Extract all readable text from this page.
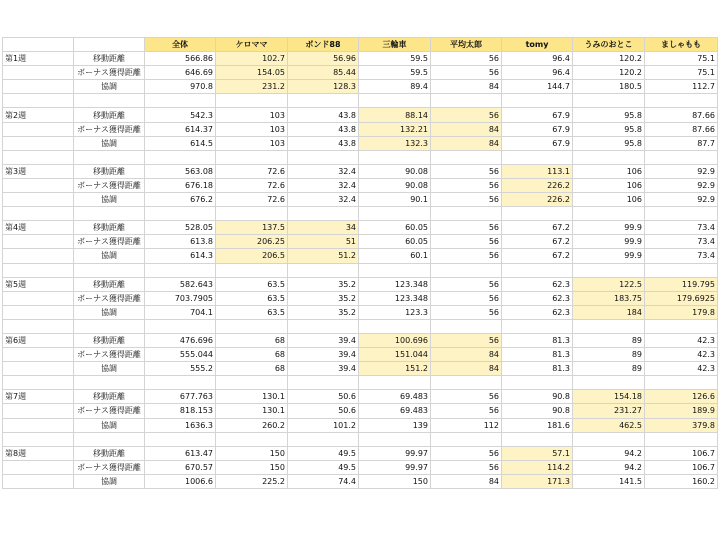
		全体	ケロママ	ボンド88	三輪車	平均太郎	tomy	うみのおとこ	ましゃもも
第1週	移動距離	566.86	102.7	56.96	59.5	56	96.4	120.2	75.1
	ボーナス獲得距離	646.69	154.05	85.44	59.5	56	96.4	120.2	75.1
	協調	970.8	231.2	128.3	89.4	84	144.7	180.5	112.7

第2週	移動距離	542.3	103	43.8	88.14	56	67.9	95.8	87.66
	ボーナス獲得距離	614.37	103	43.8	132.21	84	67.9	95.8	87.66
	協調	614.5	103	43.8	132.3	84	67.9	95.8	87.7

第3週	移動距離	563.08	72.6	32.4	90.08	56	113.1	106	92.9
	ボーナス獲得距離	676.18	72.6	32.4	90.08	56	226.2	106	92.9
	協調	676.2	72.6	32.4	90.1	56	226.2	106	92.9

第4週	移動距離	528.05	137.5	34	60.05	56	67.2	99.9	73.4
	ボーナス獲得距離	613.8	206.25	51	60.05	56	67.2	99.9	73.4
	協調	614.3	206.5	51.2	60.1	56	67.2	99.9	73.4

第5週	移動距離	582.643	63.5	35.2	123.348	56	62.3	122.5	119.795
	ボーナス獲得距離	703.7905	63.5	35.2	123.348	56	62.3	183.75	179.6925
	協調	704.1	63.5	35.2	123.3	56	62.3	184	179.8

第6週	移動距離	476.696	68	39.4	100.696	56	81.3	89	42.3
	ボーナス獲得距離	555.044	68	39.4	151.044	84	81.3	89	42.3
	協調	555.2	68	39.4	151.2	84	81.3	89	42.3

第7週	移動距離	677.763	130.1	50.6	69.483	56	90.8	154.18	126.6
	ボーナス獲得距離	818.153	130.1	50.6	69.483	56	90.8	231.27	189.9
	協調	1636.3	260.2	101.2	139	112	181.6	462.5	379.8

第8週	移動距離	613.47	150	49.5	99.97	56	57.1	94.2	106.7
	ボーナス獲得距離	670.57	150	49.5	99.97	56	114.2	94.2	106.7
	協調	1006.6	225.2	74.4	150	84	171.3	141.5	160.2
